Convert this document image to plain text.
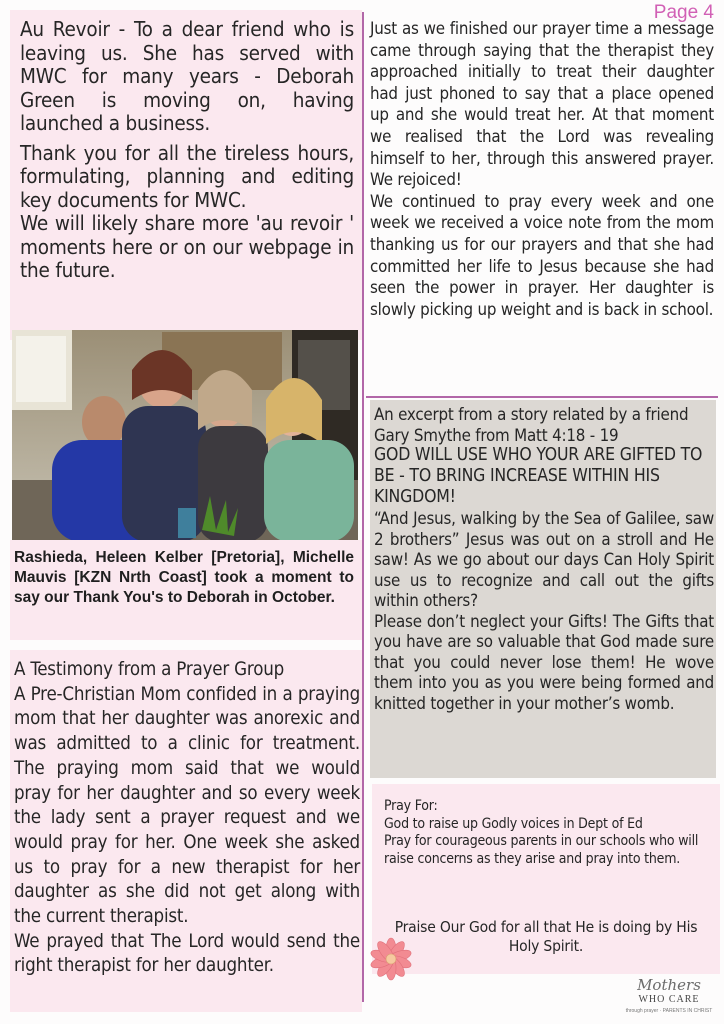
Page 4

Au Revoir - To a dear friend who is leaving us. She has served with MWC for many years - Deborah Green is moving on, having launched a business.

Thank you for all the tireless hours, formulating, planning and editing key documents for MWC.

We will likely share more 'au revoir ' moments here or on our webpage in the future.

Rashieda, Heleen Kelber [Pretoria], Michelle Mauvis [KZN Nrth Coast] took a moment to say our Thank You's to Deborah in October.

A Testimony from a Prayer Group

A Pre-Christian Mom confided in a praying mom that her daughter was anorexic and was admitted to a clinic for treatment. The praying mom said that we would pray for her daughter and so every week the lady sent a prayer request and we would pray for her. One week she asked us to pray for a new therapist for her daughter as she did not get along with the current therapist.

We prayed that The Lord would send the right therapist for her daughter.

Just as we finished our prayer time a message came through saying that the therapist they approached initially to treat their daughter had just phoned to say that a place opened up and she would treat her. At that moment we realised that the Lord was revealing himself to her, through this answered prayer. We rejoiced!

We continued to pray every week and one week we received a voice note from the mom thanking us for our prayers and that she had committed her life to Jesus because she had seen the power in prayer. Her daughter is slowly picking up weight and is back in school.

An excerpt from a story related by a friend Gary Smythe from Matt 4:18 - 19

GOD WILL USE WHO YOUR ARE GIFTED TO BE - TO BRING INCREASE WITHIN HIS KINGDOM!

“And Jesus, walking by the Sea of Galilee, saw 2 brothers” Jesus was out on a stroll and He saw! As we go about our days Can Holy Spirit use us to recognize and call out the gifts within others?

Please don’t neglect your Gifts! The Gifts that you have are so valuable that God made sure that you could never lose them! He wove them into you as you were being formed and knitted together in your mother’s womb.

Pray For:

God to raise up Godly voices in Dept of Ed

Pray for courageous parents in our schools who will raise concerns as they arise and pray into them.

Praise Our God for all that He is doing by His Holy Spirit.

Mothers
WHO CARE
through prayer · PARENTS IN CHRIST
